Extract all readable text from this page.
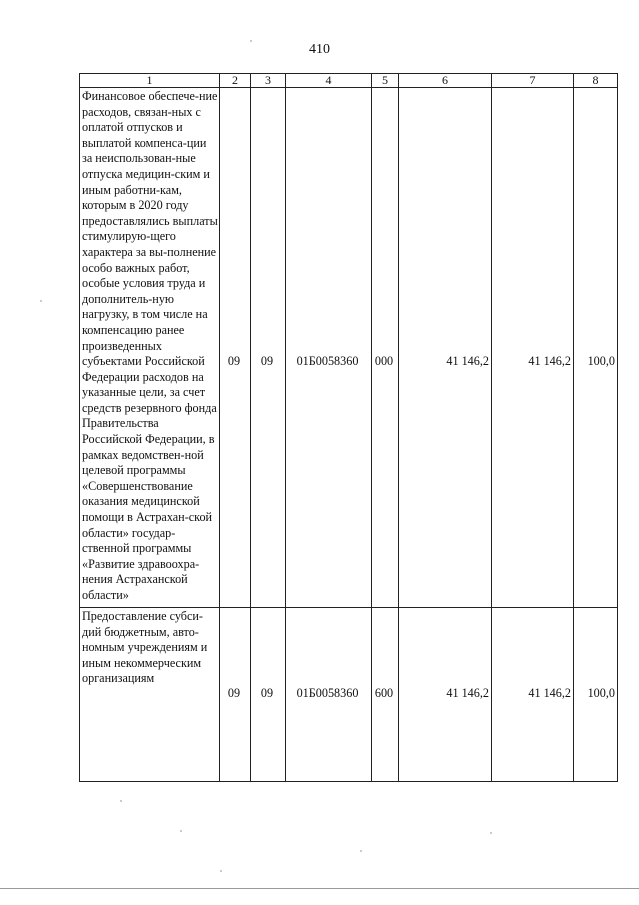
410
1	2	3	4	5	6	7	8
Финансовое обеспече-ние расходов, связан-ных с оплатой отпусков и выплатой компенса-ции за неиспользован-ные отпуска медицин-ским и иным работни-кам, которым в 2020 году предоставлялись выплаты стимулирую-щего характера за вы-полнение особо важных работ, особые условия труда и дополнитель-ную нагрузку, в том числе на компенсацию ранее произведенных субъектами Российской Федерации расходов на указанные цели, за счет средств резервного фонда Правительства Российской Федерации, в рамках ведомствен-ной целевой программы «Совершенствование оказания медицинской помощи в Астрахан-ской области» государ-ственной программы «Развитие здравоохра-нения Астраханской области»	09	09	01Б0058360	000	41 146,2	41 146,2	100,0

Предоставление субси-дий бюджетным, авто-номным учреждениям и иным некоммерческим организациям	09	09	01Б0058360	600	41 146,2	41 146,2	100,0
